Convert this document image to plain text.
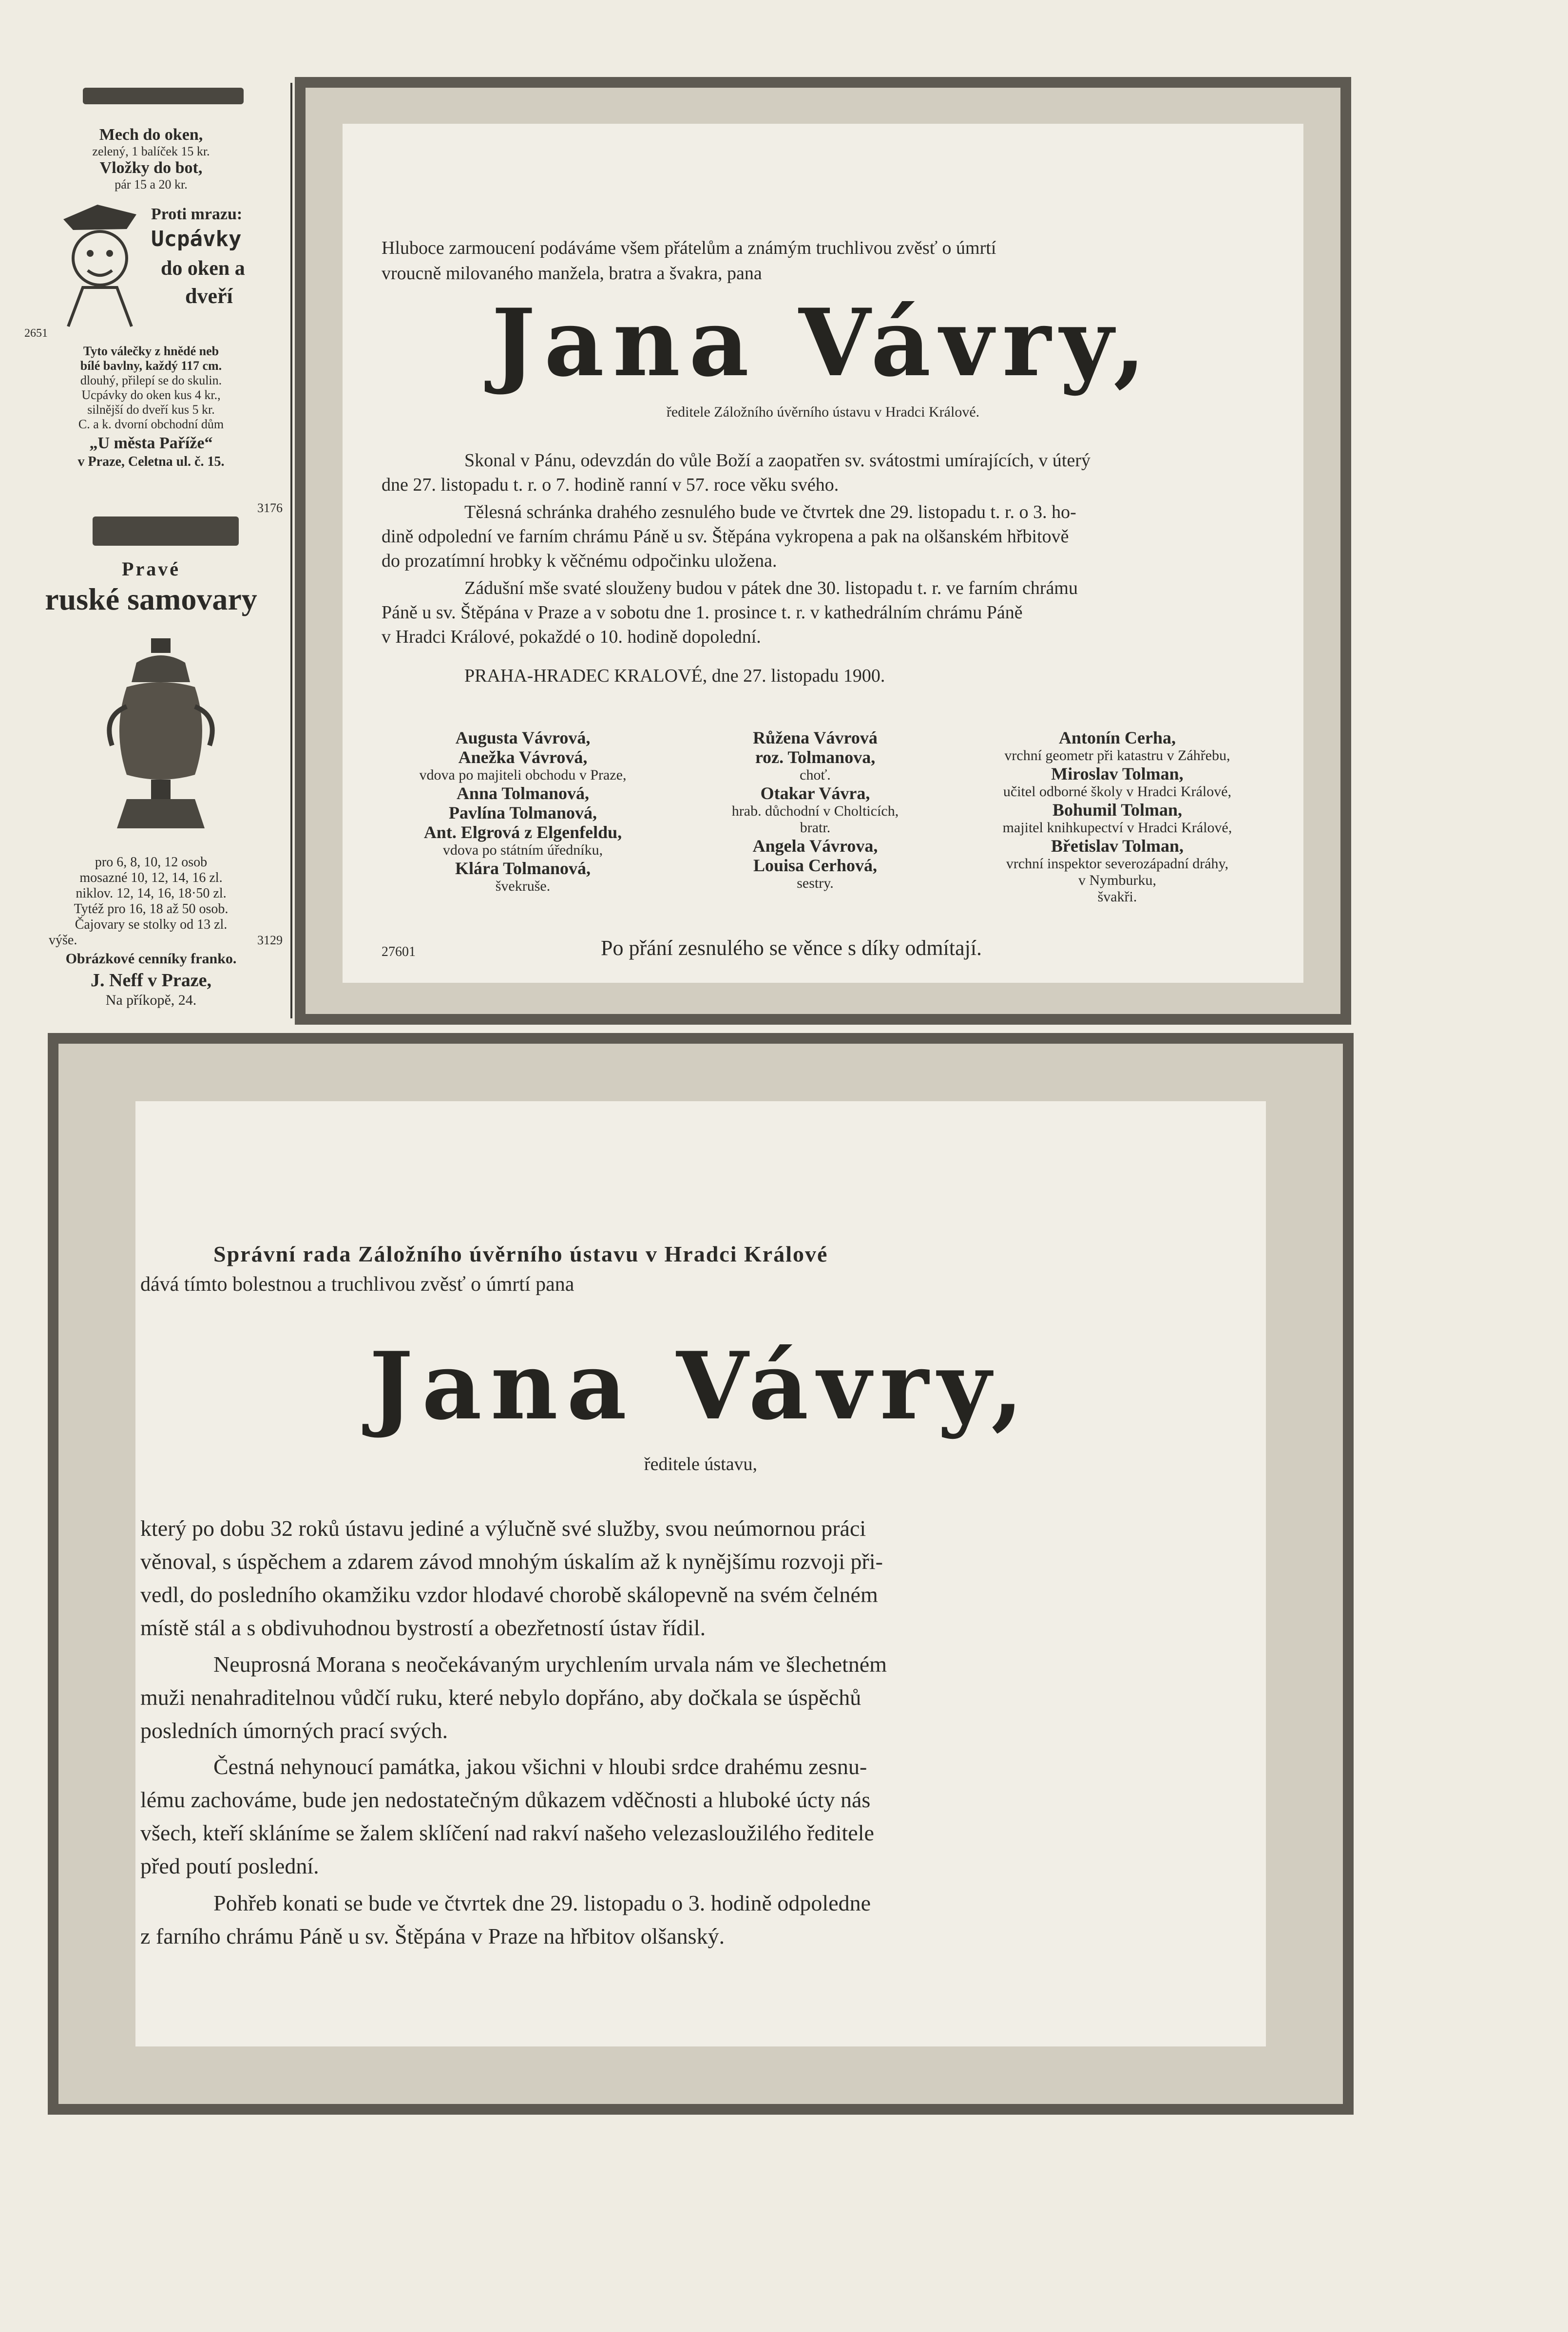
Mech do oken,
zelený, 1 balíček 15 kr.
Vložky do bot,
pár 15 a 20 kr.
Proti mrazu:
Ucpávky
do oken a
dveří
2651
Tyto válečky z hnědé neb
bílé bavlny, každý 117 cm.
dlouhý, přilepí se do skulin.
Ucpávky do oken kus 4 kr.,
silnější do dveří kus 5 kr.
C. a k. dvorní obchodní dům
„U města Paříže“
v Praze, Celetna ul. č. 15.
3176
Pravé
ruské samovary
pro 6, 8, 10, 12 osob
mosazné 10, 12, 14, 16 zl.
niklov. 12, 14, 16, 18·50 zl.
Tytéž pro 16, 18 až 50 osob.
Čajovary se stolky od 13 zl.
výše.	3129
Obrázkové cenníky franko.
J. Neff v Praze,
Na příkopě, 24.
Hluboce zarmoucení podáváme všem přátelům a známým truchlivou zvěsť o úmrtí
vroucně milovaného manžela, bratra a švakra, pana
Jana Vávry,
ředitele Záložního úvěrního ústavu v Hradci Králové.
Skonal v Pánu, odevzdán do vůle Boží a zaopatřen sv. svátostmi umírajících, v úterý
dne 27. listopadu t. r. o 7. hodině ranní v 57. roce věku svého.
Tělesná schránka drahého zesnulého bude ve čtvrtek dne 29. listopadu t. r. o 3. ho-
dině odpolední ve farním chrámu Páně u sv. Štěpána vykropena a pak na olšanském hřbitově
do prozatímní hrobky k věčnému odpočinku uložena.
Zádušní mše svaté slouženy budou v pátek dne 30. listopadu t. r. ve farním chrámu
Páně u sv. Štěpána v Praze a v sobotu dne 1. prosince t. r. v kathedrálním chrámu Páně
v Hradci Králové, pokaždé o 10. hodině dopolední.
PRAHA-HRADEC KRALOVÉ, dne 27. listopadu 1900.
Augusta Vávrová,
Anežka Vávrová,
vdova po majiteli obchodu v Praze,
Anna Tolmanová,
Pavlína Tolmanová,
Ant. Elgrová z Elgenfeldu,
vdova po státním úředníku,
Klára Tolmanová,
švekruše.
Růžena Vávrová
roz. Tolmanova,
choť.
Otakar Vávra,
hrab. důchodní v Cholticích,
bratr.
Angela Vávrova,
Louisa Cerhová,
sestry.
Antonín Cerha,
vrchní geometr při katastru v Záhřebu,
Miroslav Tolman,
učitel odborné školy v Hradci Králové,
Bohumil Tolman,
majitel knihkupectví v Hradci Králové,
Břetislav Tolman,
vrchní inspektor severozápadní dráhy,
v Nymburku,
švakři.
27601	Po přání zesnulého se věnce s díky odmítají.
Správní rada Záložního úvěrního ústavu v Hradci Králové
dává tímto bolestnou a truchlivou zvěsť o úmrtí pana
Jana Vávry,
ředitele ústavu,
který po dobu 32 roků ústavu jediné a výlučně své služby, svou neúmornou práci
věnoval, s úspěchem a zdarem závod mnohým úskalím až k nynějšímu rozvoji při-
vedl, do posledního okamžiku vzdor hlodavé chorobě skálopevně na svém čelném
místě stál a s obdivuhodnou bystrostí a obezřetností ústav řídil.
Neuprosná Morana s neočekávaným urychlením urvala nám ve šlechetném
muži nenahraditelnou vůdčí ruku, které nebylo dopřáno, aby dočkala se úspěchů
posledních úmorných prací svých.
Čestná nehynoucí památka, jakou všichni v hloubi srdce drahému zesnu-
lému zachováme, bude jen nedostatečným důkazem vděčnosti a hluboké úcty nás
všech, kteří skláníme se žalem sklíčení nad rakví našeho velezasloužilého ředitele
před poutí poslední.
Pohřeb konati se bude ve čtvrtek dne 29. listopadu o 3. hodině odpoledne
z farního chrámu Páně u sv. Štěpána v Praze na hřbitov olšanský.
